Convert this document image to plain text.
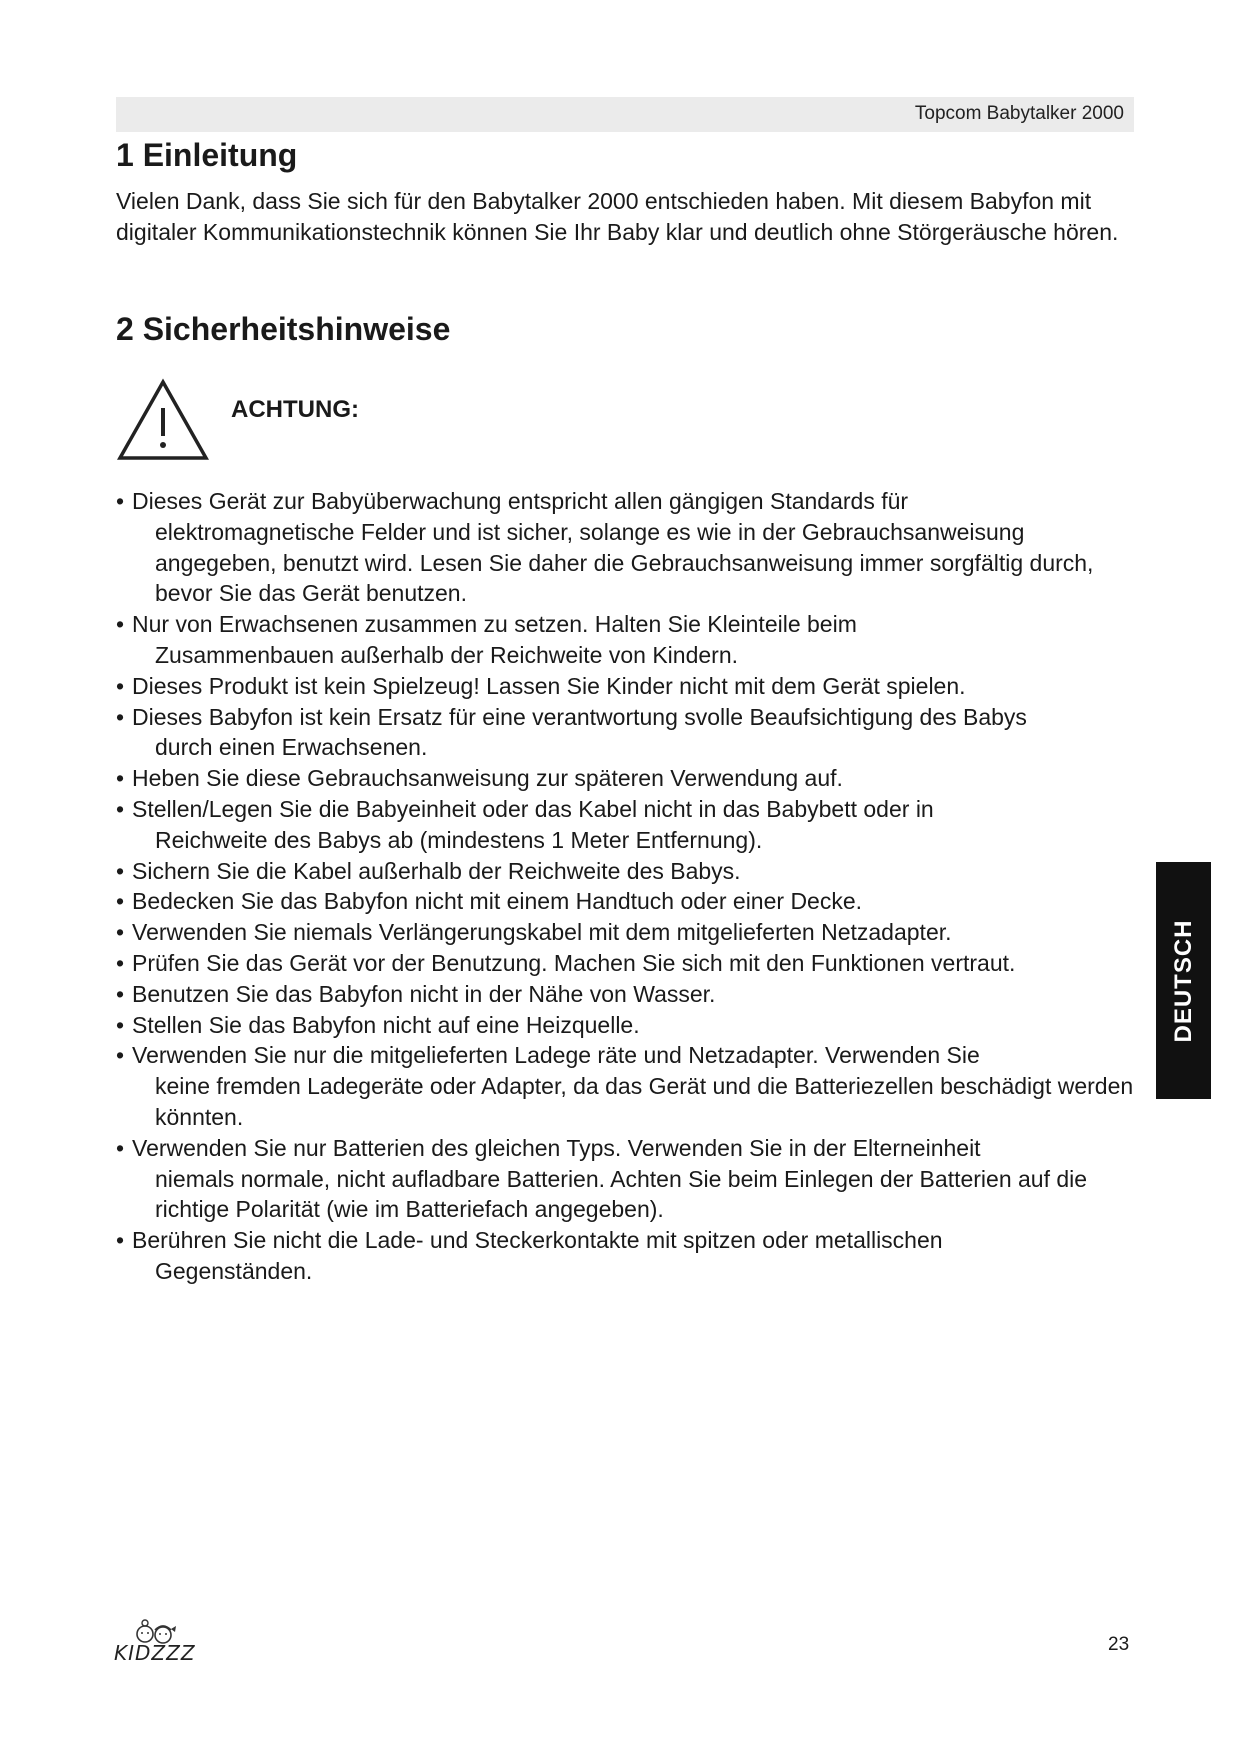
Topcom Babytalker 2000
1 Einleitung

Vielen Dank, dass Sie sich für den Babytalker 2000 entschieden haben. Mit diesem Babyfon mit digitaler Kommunikationstechnik können Sie Ihr Baby klar und deutlich ohne Störgeräusche hören.

2 Sicherheitshinweise
ACHTUNG:
• Dieses Gerät zur Babyüberwachung entspricht allen gängigen Standards für
elektromagnetische Felder und ist sicher, solange es wie in der Gebrauchsanweisung angegeben, benutzt wird. Lesen Sie daher die Gebrauchsanweisung immer sorgfältig durch, bevor Sie das Gerät benutzen.
• Nur von Erwachsenen zusammen zu setzen. Halten Sie Kleinteile beim
Zusammenbauen außerhalb der Reichweite von Kindern.
• Dieses Produkt ist kein Spielzeug! Lassen Sie Kinder nicht mit dem Gerät spielen.
• Dieses Babyfon ist kein Ersatz für eine verantwortung svolle Beaufsichtigung des Babys
durch einen Erwachsenen.
• Heben Sie diese Gebrauchsanweisung zur späteren Verwendung auf.
• Stellen/Legen Sie die Babyeinheit oder das Kabel nicht in das Babybett oder in
Reichweite des Babys ab (mindestens 1 Meter Entfernung).
• Sichern Sie die Kabel außerhalb der Reichweite des Babys.
• Bedecken Sie das Babyfon nicht mit einem Handtuch oder einer Decke.
• Verwenden Sie niemals Verlängerungskabel mit dem mitgelieferten Netzadapter.
• Prüfen Sie das Gerät vor der Benutzung. Machen Sie sich mit den Funktionen vertraut.
• Benutzen Sie das Babyfon nicht in der Nähe von Wasser.
• Stellen Sie das Babyfon nicht auf eine Heizquelle.
• Verwenden Sie nur die mitgelieferten Ladege räte und Netzadapter. Verwenden Sie
keine fremden Ladegeräte oder Adapter, da das Gerät und die Batteriezellen beschädigt werden könnten.
• Verwenden Sie nur Batterien des gleichen Typs. Verwenden Sie in der Elterneinheit
niemals normale, nicht aufladbare Batterien. Achten Sie beim Einlegen der Batterien auf die richtige Polarität (wie im Batteriefach angegeben).
• Berühren Sie nicht die Lade- und Steckerkontakte mit spitzen oder metallischen
Gegenständen.
DEUTSCH
KIDZZZ	23
